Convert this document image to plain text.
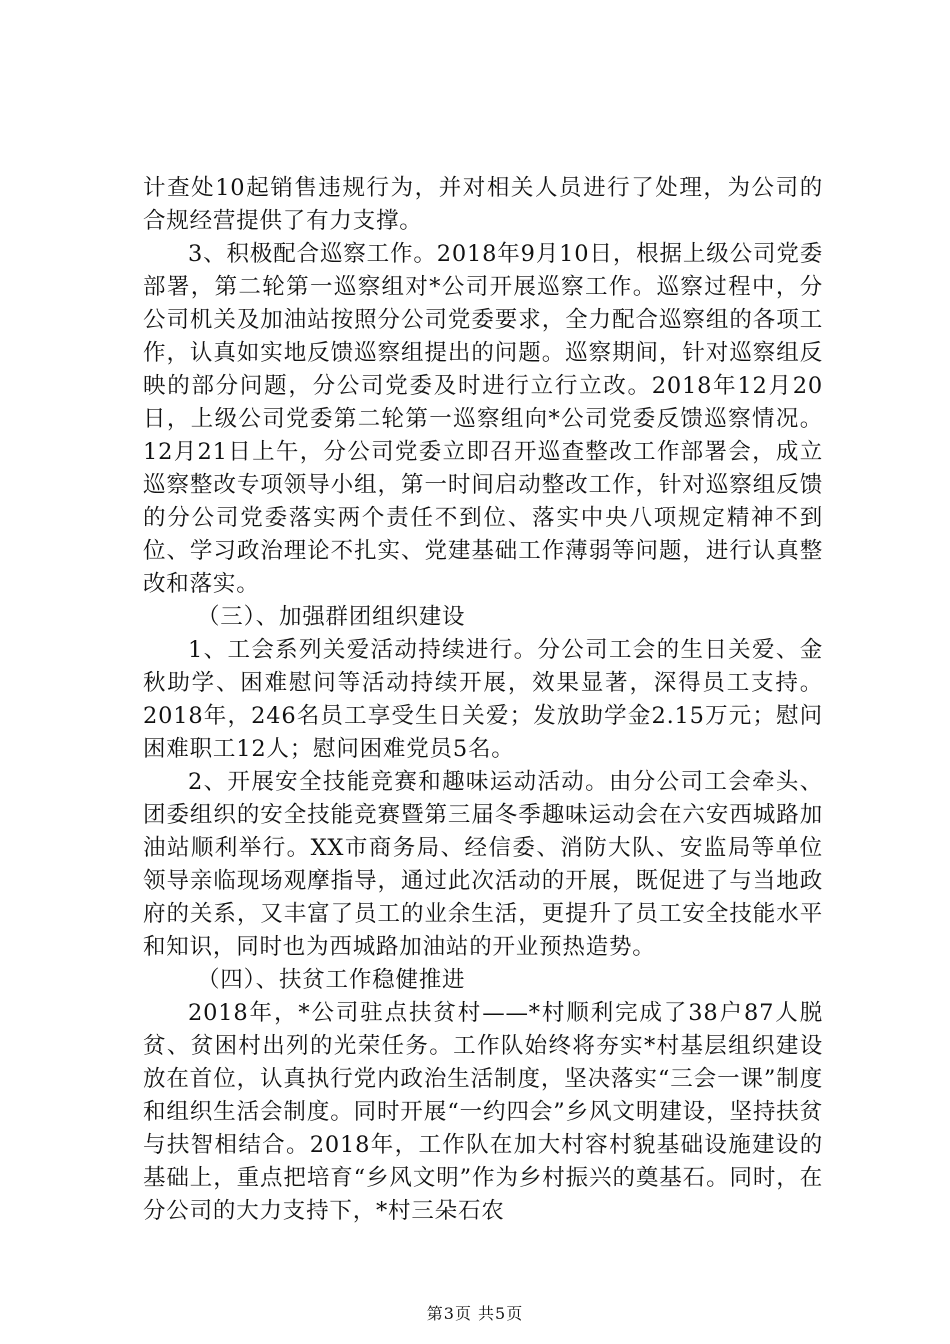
计查处10起销售违规行为，并对相关人员进行了处理，为公司的合规经营提供了有力支撑。

3、积极配合巡察工作。2018年9月10日，根据上级公司党委部署，第二轮第一巡察组对*公司开展巡察工作。巡察过程中，分公司机关及加油站按照分公司党委要求，全力配合巡察组的各项工作，认真如实地反馈巡察组提出的问题。巡察期间，针对巡察组反映的部分问题，分公司党委及时进行立行立改。2018年12月20日，上级公司党委第二轮第一巡察组向*公司党委反馈巡察情况。12月21日上午，分公司党委立即召开巡查整改工作部署会，成立巡察整改专项领导小组，第一时间启动整改工作，针对巡察组反馈的分公司党委落实两个责任不到位、落实中央八项规定精神不到位、学习政治理论不扎实、党建基础工作薄弱等问题，进行认真整改和落实。

（三）、加强群团组织建设

1、工会系列关爱活动持续进行。分公司工会的生日关爱、金秋助学、困难慰问等活动持续开展，效果显著，深得员工支持。2018年，246名员工享受生日关爱；发放助学金2.15万元；慰问困难职工12人；慰问困难党员5名。

2、开展安全技能竞赛和趣味运动活动。由分公司工会牵头、团委组织的安全技能竞赛暨第三届冬季趣味运动会在六安西城路加油站顺利举行。XX市商务局、经信委、消防大队、安监局等单位领导亲临现场观摩指导，通过此次活动的开展，既促进了与当地政府的关系，又丰富了员工的业余生活，更提升了员工安全技能水平和知识，同时也为西城路加油站的开业预热造势。

（四）、扶贫工作稳健推进

2018年，*公司驻点扶贫村——*村顺利完成了38户87人脱贫、贫困村出列的光荣任务。工作队始终将夯实*村基层组织建设放在首位，认真执行党内政治生活制度，坚决落实“三会一课”制度和组织生活会制度。同时开展“一约四会”乡风文明建设，坚持扶贫与扶智相结合。2018年，工作队在加大村容村貌基础设施建设的基础上，重点把培育“乡风文明”作为乡村振兴的奠基石。同时，在分公司的大力支持下，*村三朵石农

第3页 共5页
